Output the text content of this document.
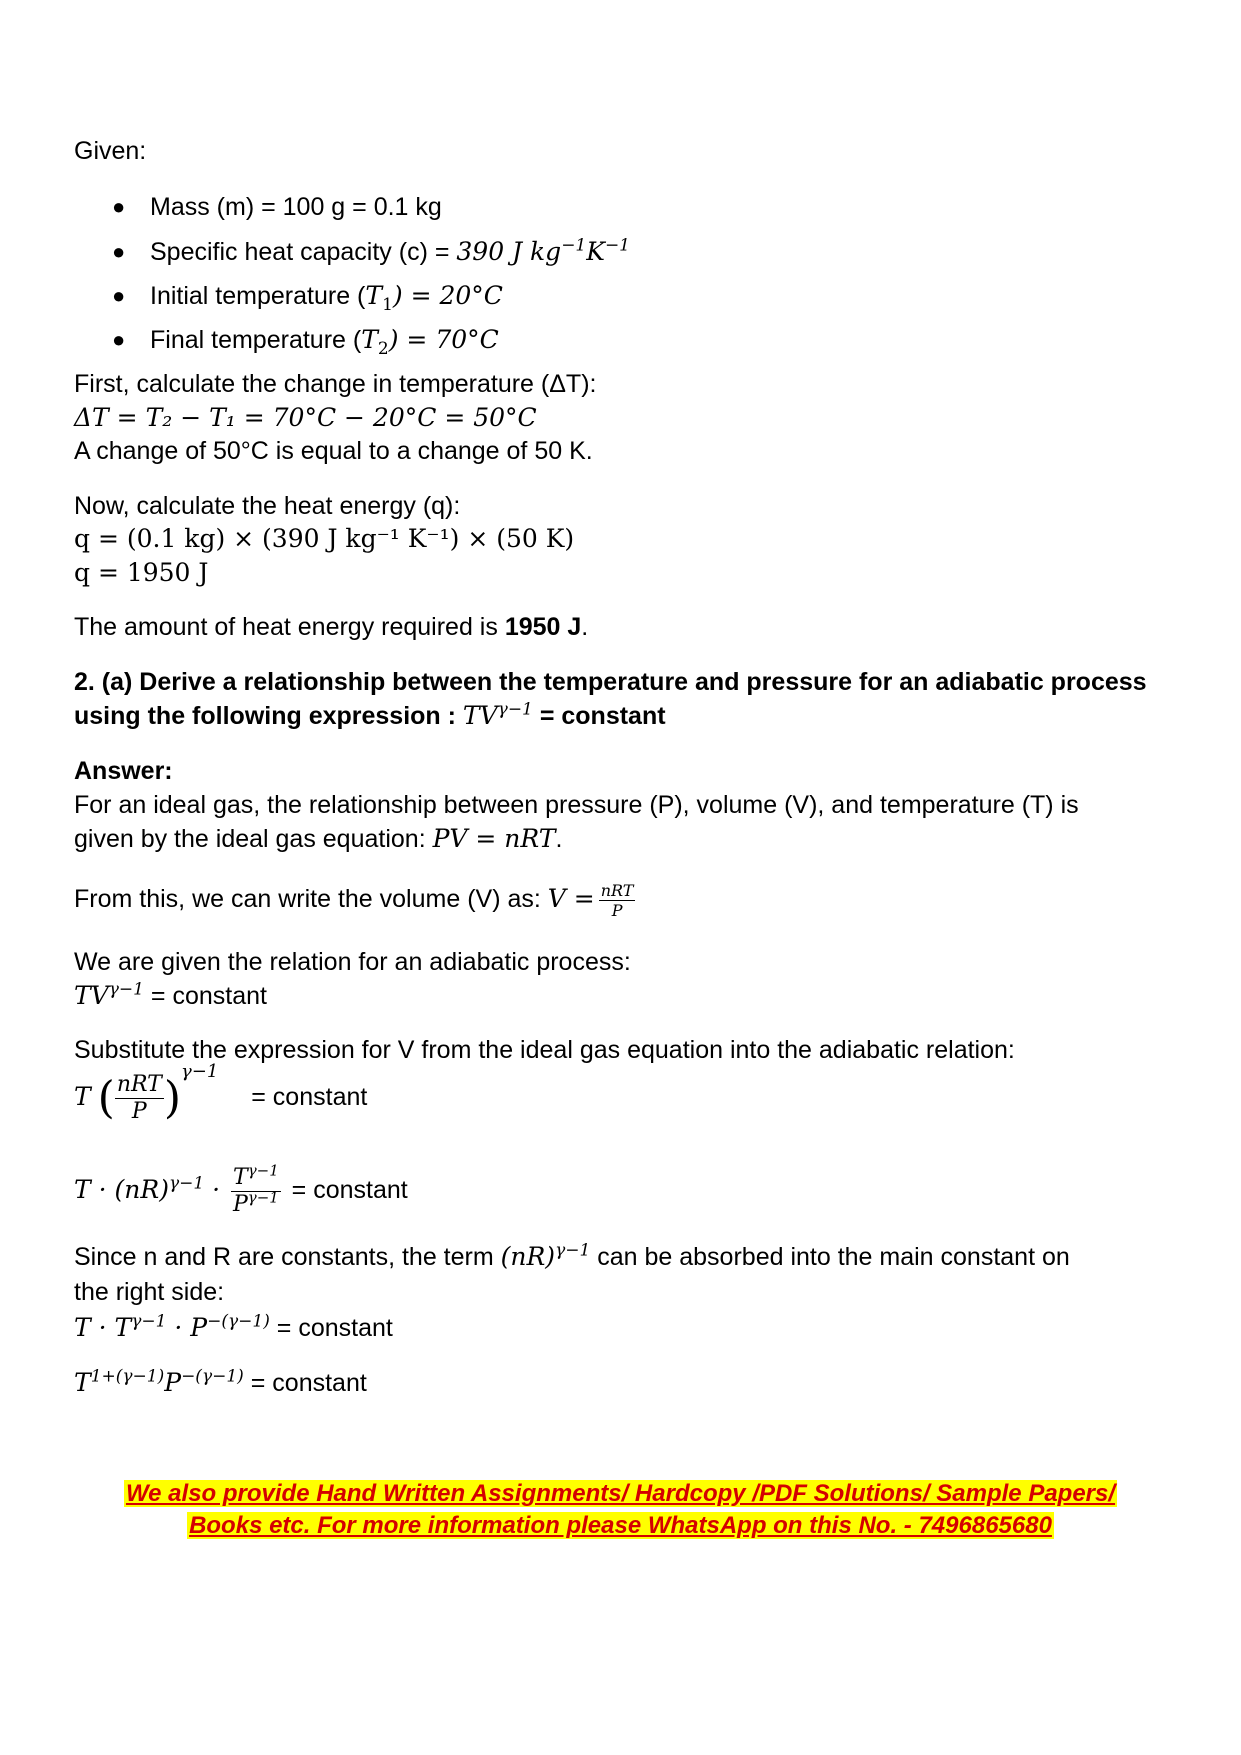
Given:
● Mass (m) = 100 g = 0.1 kg
● Specific heat capacity (c) = 390 J $kg^{-1}K^{-1}$
● Initial temperature $(T_1) = 20^\circ C$
● Final temperature $(T_2) = 70^\circ C$
First, calculate the change in temperature (ΔT):
ΔT = T₂ − T₁ = 70°C − 20°C = 50°C
A change of 50°C is equal to a change of 50 K.
Now, calculate the heat energy (q):
q = (0.1 kg) × (390 J kg⁻¹ K⁻¹) × (50 K)
q = 1950 J
The amount of heat energy required is 1950 J.
2. (a) Derive a relationship between the temperature and pressure for an adiabatic process
using the following expression : $TV^{\gamma-1}$ = constant
Answer:
For an ideal gas, the relationship between pressure (P), volume (V), and temperature (T) is
given by the ideal gas equation: PV = nRT.
From this, we can write the volume (V) as: $V = \frac{\text{nRT}}{P}$
We are given the relation for an adiabatic process:
$TV^{\gamma-1}$ = constant
Substitute the expression for V from the ideal gas equation into the adiabatic relation:
T ( $\frac{\text{nRT}}{P} )^{\gamma-1}$ = constant
$T \cdot (nR)^{\gamma-1} \cdot \frac{T^{\gamma-1}}{P^{\gamma-1}}$ = constant
Since n and R are constants, the term (nR)$^{\gamma-1}$ can be absorbed into the main constant on
the right side:
$T \cdot T^{\gamma-1} \cdot P^{-(\gamma-1)}$ = constant
$T^{1+(\gamma-1)}P^{-(\gamma-1)}$ = constant
We also provide Hand Written Assignments/ Hardcopy /PDF Solutions/ Sample Papers/
Books etc. For more information please WhatsApp on this No. - 7496865680
